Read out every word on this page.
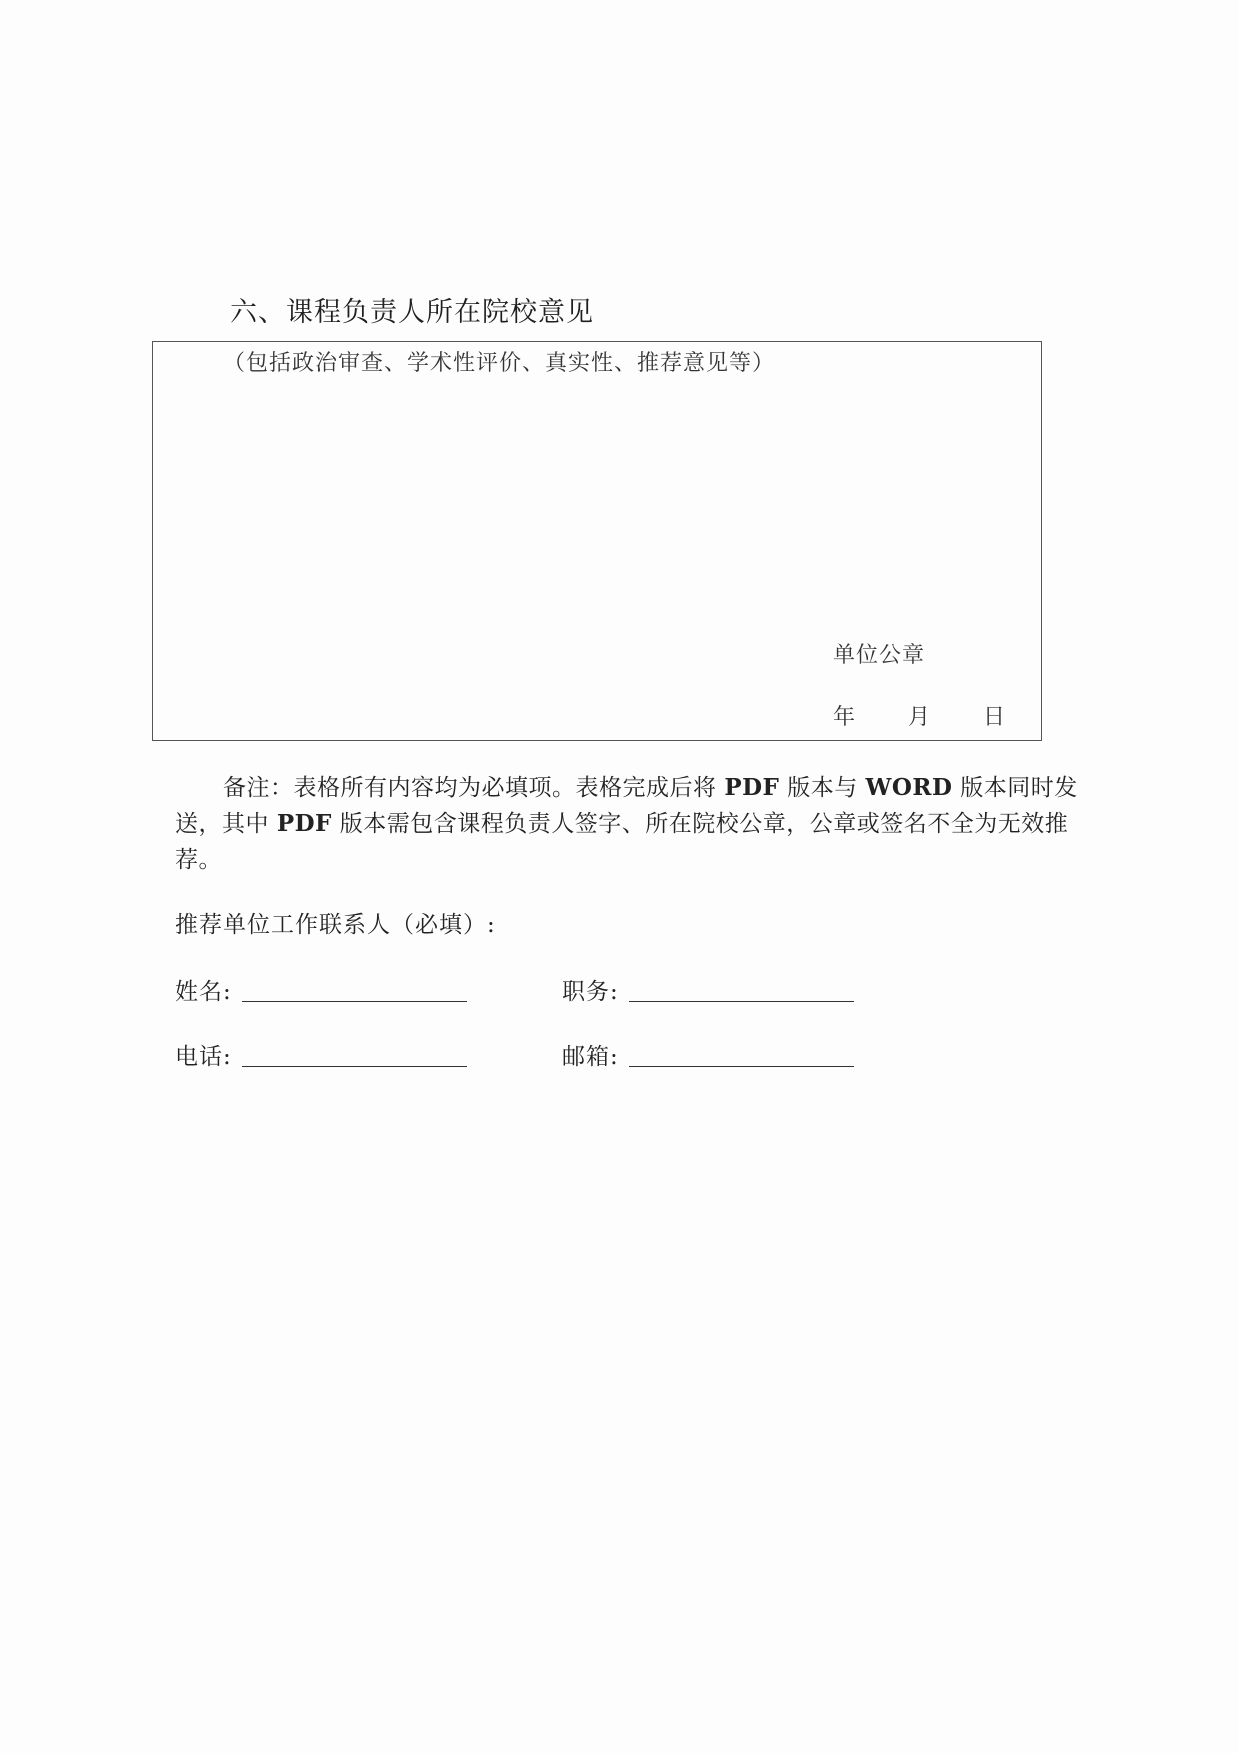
六、课程负责人所在院校意见
（包括政治审查、学术性评价、真实性、推荐意见等）
单位公章
年	月	日
备注：表格所有内容均为必填项。表格完成后将 PDF 版本与 WORD 版本同时发送，其中 PDF 版本需包含课程负责人签字、所在院校公章，公章或签名不全为无效推荐。
推荐单位工作联系人（必填）:
姓名:	职务:
电话:	邮箱:
